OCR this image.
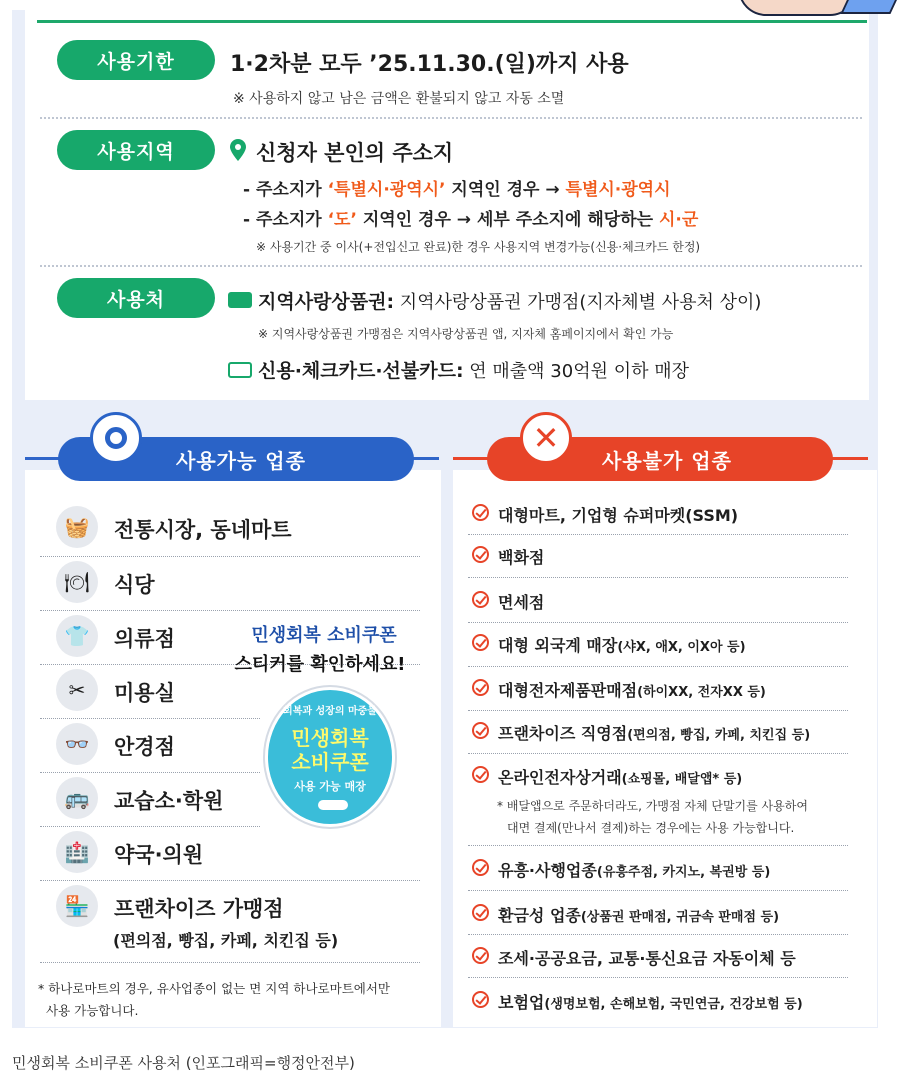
사용기한	1·2차분 모두 ’25.11.30.(일)까지 사용
※ 사용하지 않고 남은 금액은 환불되지 않고 자동 소멸
사용지역	신청자 본인의 주소지
- 주소지가 ‘특별시·광역시’ 지역인 경우 → 특별시·광역시
- 주소지가 ‘도’ 지역인 경우 → 세부 주소지에 해당하는 시·군
※ 사용기간 중 이사(+전입신고 완료)한 경우 사용지역 변경가능(신용·체크카드 한정)
사용처	지역사랑상품권: 지역사랑상품권 가맹점(지자체별 사용처 상이)
※ 지역사랑상품권 가맹점은 지역사랑상품권 앱, 지자체 홈페이지에서 확인 가능
신용·체크카드·선불카드: 연 매출액 30억원 이하 매장
사용가능 업종	사용불가 업종
✕
🧺	전통시장, 동네마트
🍽	식당
👕	의류점
✂	미용실
👓	안경점
🚌	교습소·학원
🏥	약국·의원
🏪	프랜차이즈 가맹점
(편의점, 빵집, 카페, 치킨집 등)
민생회복 소비쿠폰
스티커를 확인하세요!
회복과 성장의 마중물
민생회복
소비쿠폰
사용 가능 매장
* 하나로마트의 경우, 유사업종이 없는 면 지역 하나로마트에서만
사용 가능합니다.
대형마트, 기업형 슈퍼마켓(SSM)
백화점
면세점
대형 외국계 매장(샤X, 애X, 이X아 등)
대형전자제품판매점(하이XX, 전자XX 등)
프랜차이즈 직영점(편의점, 빵집, 카페, 치킨집 등)
온라인전자상거래(쇼핑몰, 배달앱* 등)
* 배달앱으로 주문하더라도, 가맹점 자체 단말기를 사용하여
대면 결제(만나서 결제)하는 경우에는 사용 가능합니다.
유흥·사행업종(유흥주점, 카지노, 복권방 등)
환금성 업종(상품권 판매점, 귀금속 판매점 등)
조세·공공요금, 교통·통신요금 자동이체 등
보험업(생명보험, 손해보험, 국민연금, 건강보험 등)
민생회복 소비쿠폰 사용처 (인포그래픽=행정안전부)
